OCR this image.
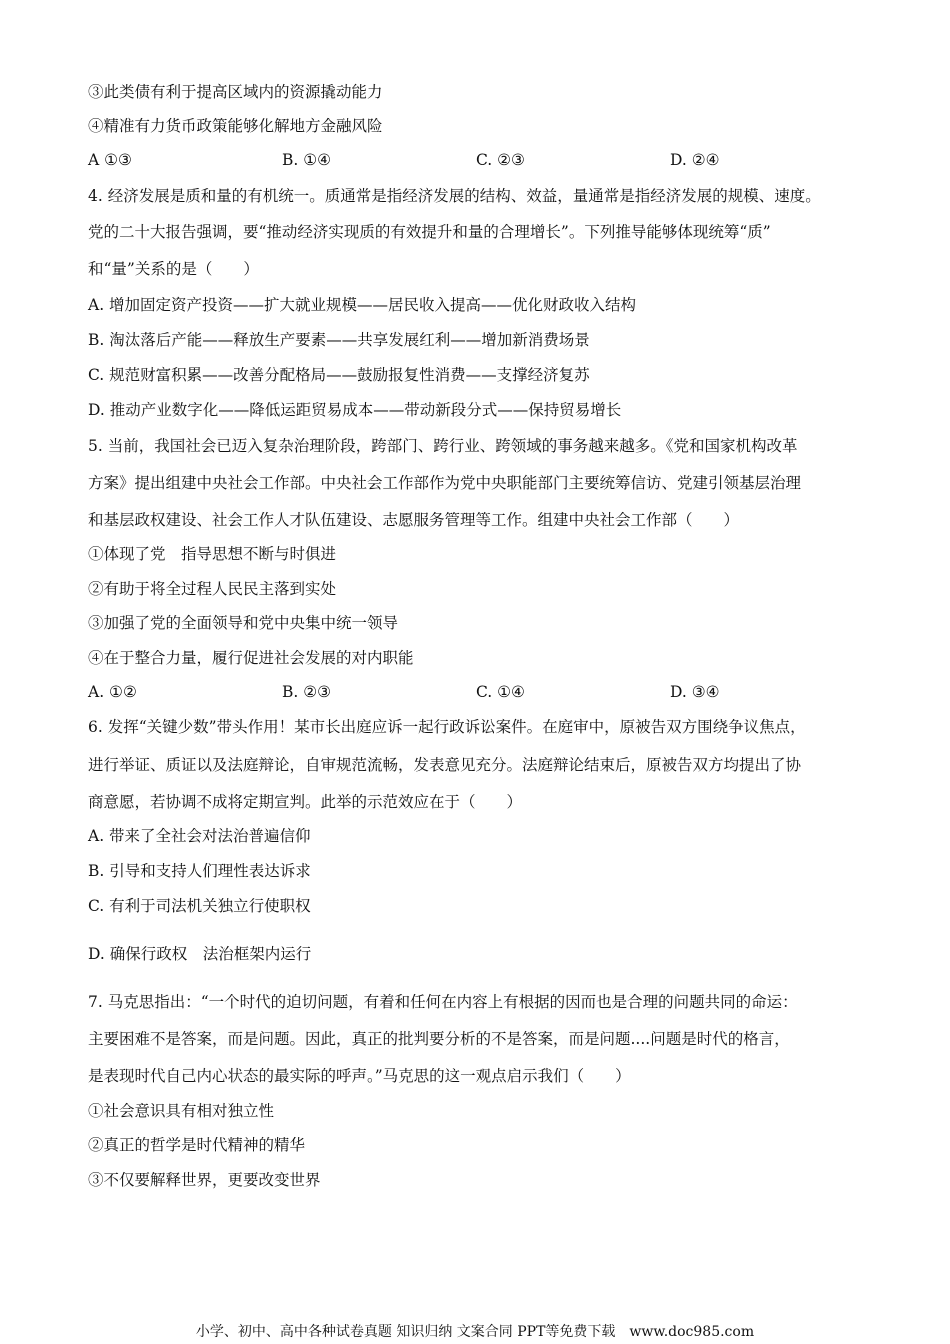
③此类债有利于提高区域内的资源撬动能力
④精准有力货币政策能够化解地方金融风险
A ①③	B. ①④	C. ②③	D. ②④
4. 经济发展是质和量的有机统一。质通常是指经济发展的结构、效益，量通常是指经济发展的规模、速度。
党的二十大报告强调，要“推动经济实现质的有效提升和量的合理增长”。下列推导能够体现统筹“质”
和“量”关系的是（　　）
A. 增加固定资产投资——扩大就业规模——居民收入提高——优化财政收入结构
B. 淘汰落后产能——释放生产要素——共享发展红利——增加新消费场景
C. 规范财富积累——改善分配格局——鼓励报复性消费——支撑经济复苏
D. 推动产业数字化——降低运距贸易成本——带动新段分式——保持贸易增长
5. 当前，我国社会已迈入复杂治理阶段，跨部门、跨行业、跨领域的事务越来越多。《党和国家机构改革
方案》提出组建中央社会工作部。中央社会工作部作为党中央职能部门主要统筹信访、党建引领基层治理
和基层政权建设、社会工作人才队伍建设、志愿服务管理等工作。组建中央社会工作部（　　）
①体现了党　指导思想不断与时俱进
②有助于将全过程人民民主落到实处
③加强了党的全面领导和党中央集中统一领导
④在于整合力量，履行促进社会发展的对内职能
A. ①②	B. ②③	C. ①④	D. ③④
6. 发挥“关键少数”带头作用！某市长出庭应诉一起行政诉讼案件。在庭审中，原被告双方围绕争议焦点，
进行举证、质证以及法庭辩论，自审规范流畅，发表意见充分。法庭辩论结束后，原被告双方均提出了协
商意愿，若协调不成将定期宣判。此举的示范效应在于（　　）
A. 带来了全社会对法治普遍信仰
B. 引导和支持人们理性表达诉求
C. 有利于司法机关独立行使职权
D. 确保行政权　法治框架内运行
7. 马克思指出：“一个时代的迫切问题，有着和任何在内容上有根据的因而也是合理的问题共同的命运：
主要困难不是答案，而是问题。因此，真正的批判要分析的不是答案，而是问题....问题是时代的格言，
是表现时代自己内心状态的最实际的呼声。”马克思的这一观点启示我们（　　）
①社会意识具有相对独立性
②真正的哲学是时代精神的精华
③不仅要解释世界，更要改变世界
小学、初中、高中各种试卷真题 知识归纳 文案合同 PPT等免费下载　www.doc985.com
